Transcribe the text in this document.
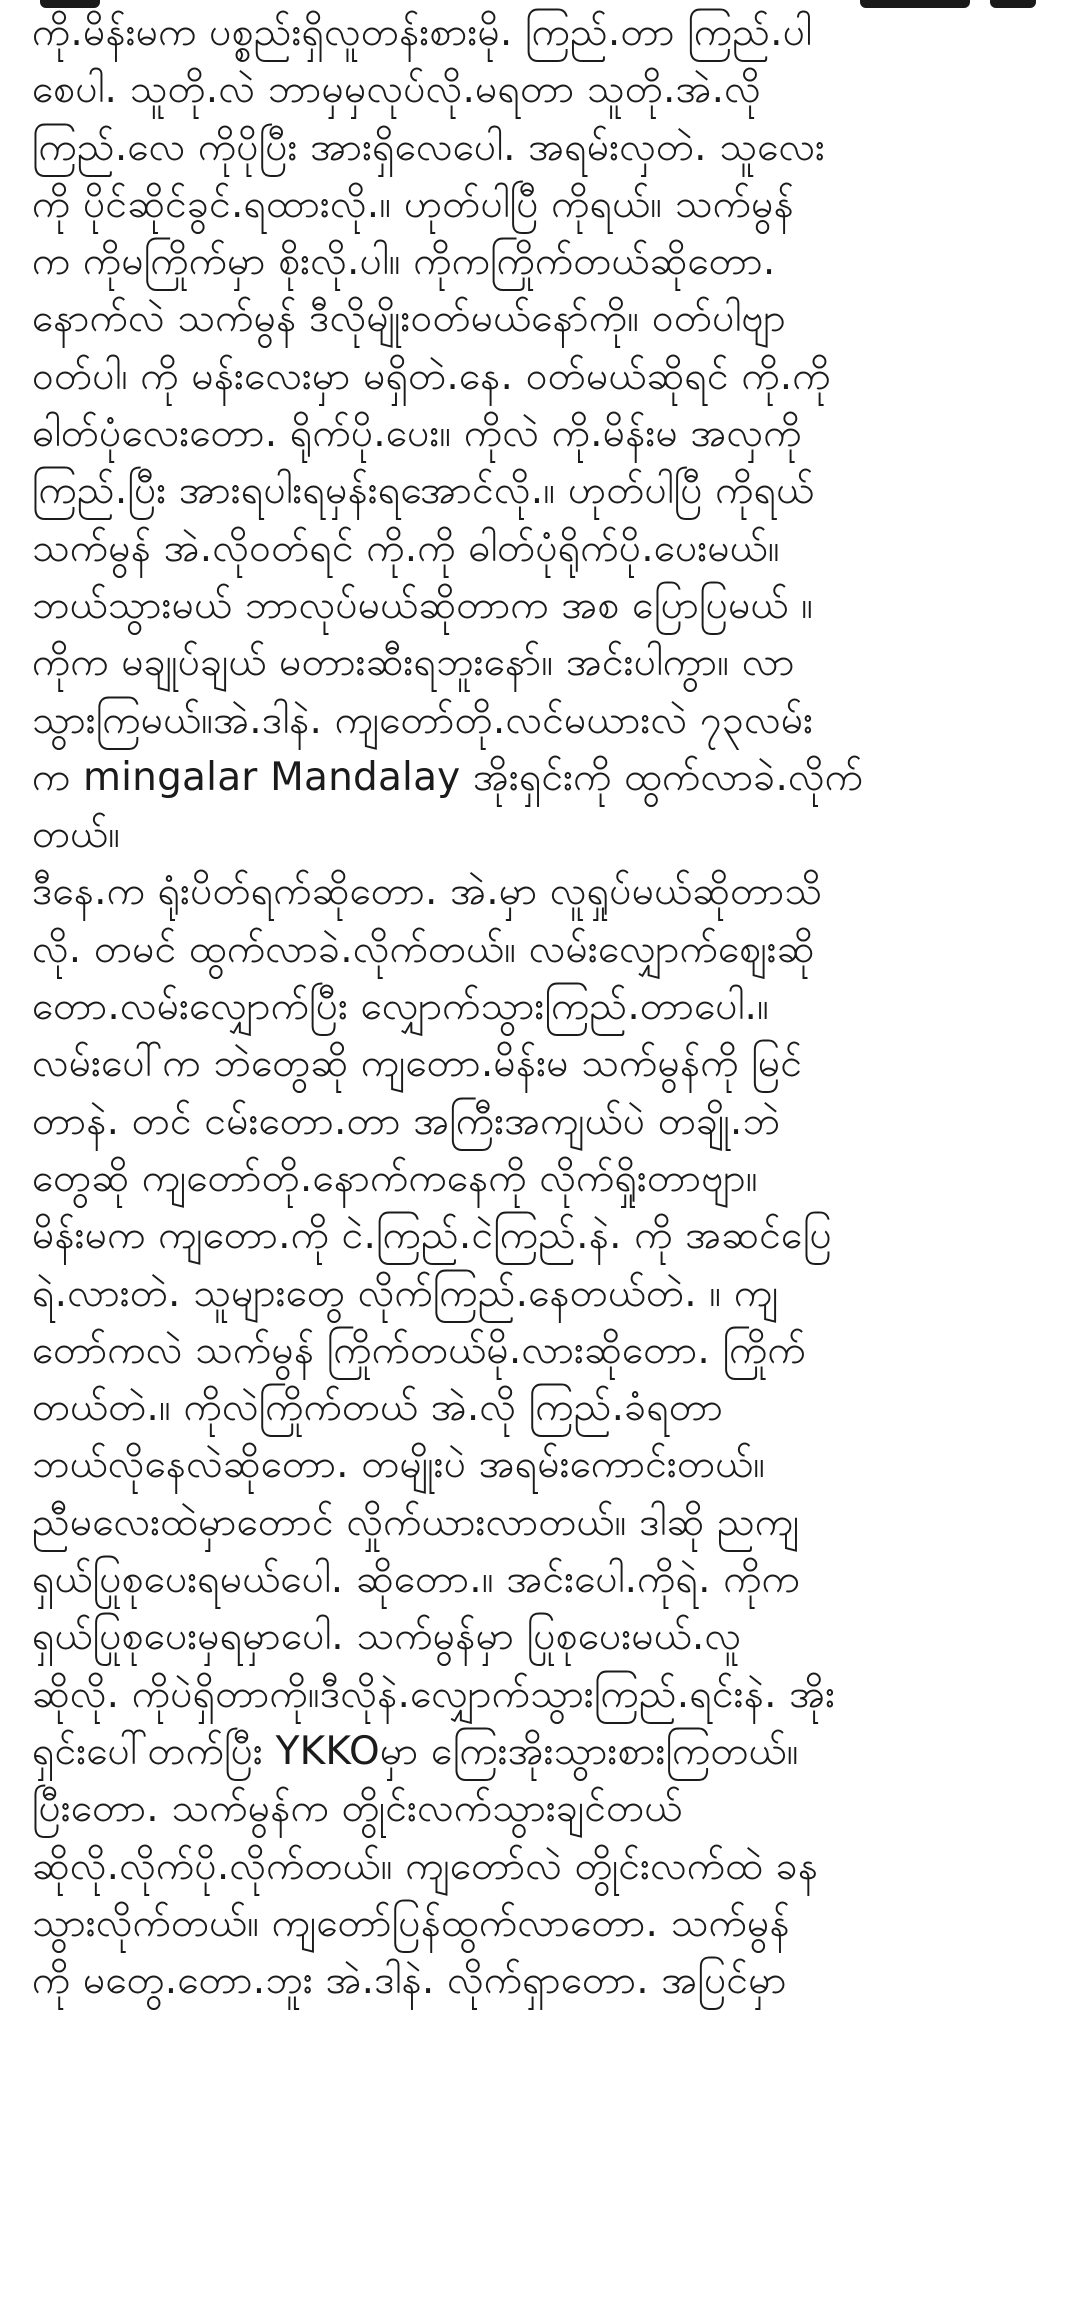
ကို.မိန်းမက ပစ္စည်းရှိလူတန်းစားမို. ကြည်.တာ ကြည်.ပါ
စေပါ. သူတို.လဲ ဘာမှမှလုပ်လို.မရတာ သူတို.အဲ.လို
ကြည်.လေ ကိုပိုပြီး အားရှိလေပေါ. အရမ်းလှတဲ. သူလေး
ကို ပိုင်ဆိုင်ခွင်.ရထားလို.။ ဟုတ်ပါပြီ ကိုရယ်။ သက်မွန်
က ကိုမကြိုက်မှာ စိုးလို.ပါ။ ကိုကကြိုက်တယ်ဆိုတော.
နောက်လဲ သက်မွန် ဒီလိုမျိုးဝတ်မယ်နော်ကို။ ဝတ်ပါဗျာ
ဝတ်ပါ၊ ကို မန်းလေးမှာ မရှိတဲ.နေ. ဝတ်မယ်ဆိုရင် ကို.ကို
ဓါတ်ပုံလေးတော. ရိုက်ပို.ပေး။ ကိုလဲ ကို.မိန်းမ အလှကို
ကြည်.ပြီး အားရပါးရမှန်းရအောင်လို.။ ဟုတ်ပါပြီ ကိုရယ်
သက်မွန် အဲ.လိုဝတ်ရင် ကို.ကို ဓါတ်ပုံရိုက်ပို.ပေးမယ်။
ဘယ်သွားမယ် ဘာလုပ်မယ်ဆိုတာက အစ ပြောပြမယ် ။
ကိုက မချုပ်ချယ် မတားဆီးရဘူးနော်။ အင်းပါကွာ။ လာ
သွားကြမယ်။အဲ.ဒါနဲ. ကျတော်တို.လင်မယားလဲ ၇၃လမ်း
က mingalar Mandalay အိုးရှင်းကို ထွက်လာခဲ.လိုက်
တယ်။
ဒီနေ.က ရုံးပိတ်ရက်ဆိုတော. အဲ.မှာ လူရှုပ်မယ်ဆိုတာသိ
လို. တမင် ထွက်လာခဲ.လိုက်တယ်။ လမ်းလျှောက်ဈေးဆို
တော.လမ်းလျှောက်ပြီး လျှောက်သွားကြည်.တာပေါ.။
လမ်းပေါ်က ဘဲတွေဆို ကျတော.မိန်းမ သက်မွန်ကို မြင်
တာနဲ. တင် ငမ်းတော.တာ အကြီးအကျယ်ပဲ တချို.ဘဲ
တွေဆို ကျတော်တို.နောက်ကနေကို လိုက်ရှိုးတာဗျာ။
မိန်းမက ကျတော.ကို ငဲ.ကြည်.ငဲကြည်.နဲ. ကို အဆင်ပြေ
ရဲ.လားတဲ. သူများတွေ လိုက်ကြည်.နေတယ်တဲ. ။ ကျ
တော်ကလဲ သက်မွန် ကြိုက်တယ်မို.လားဆိုတော. ကြိုက်
တယ်တဲ.။ ကိုလဲကြိုက်တယ် အဲ.လို ကြည်.ခံရတာ
ဘယ်လိုနေလဲဆိုတော. တမျိုးပဲ အရမ်းကောင်းတယ်။
ညီမလေးထဲမှာတောင် လှိုက်ယားလာတယ်။ ဒါဆို ညကျ
ရှယ်ပြုစုပေးရမယ်ပေါ. ဆိုတော.။ အင်းပေါ.ကိုရဲ. ကိုက
ရှယ်ပြုစုပေးမှရမှာပေါ. သက်မွန်မှာ ပြုစုပေးမယ်.လူ
ဆိုလို. ကိုပဲရှိတာကို။ဒီလိုနဲ.လျှောက်သွားကြည်.ရင်းနဲ. အိုး
ရှင်းပေါ်တက်ပြီး YKKOမှာ ကြေးအိုးသွားစားကြတယ်။
ပြီးတော. သက်မွန်က တွိုင်းလက်သွားချင်တယ်
ဆိုလို.လိုက်ပို.လိုက်တယ်။ ကျတော်လဲ တွိုင်းလက်ထဲ ခန
သွားလိုက်တယ်။ ကျတော်ပြန်ထွက်လာတော. သက်မွန်
ကို မတွေ.တော.ဘူး အဲ.ဒါနဲ. လိုက်ရှာတော. အပြင်မှာ
